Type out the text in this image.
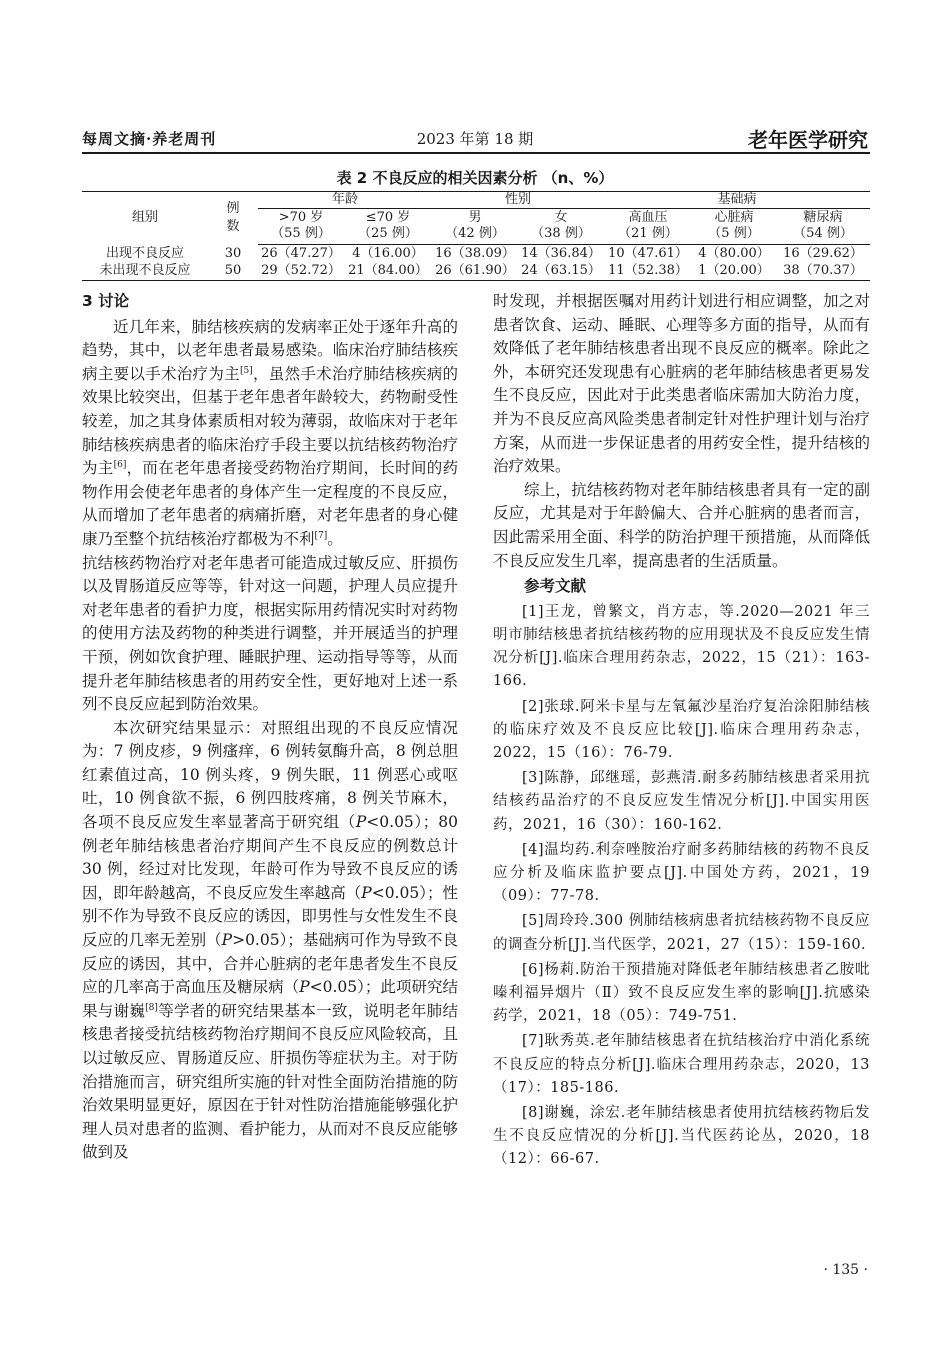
每周文摘·养老周刊	2023 年第 18 期	老年医学研究
表 2 不良反应的相关因素分析 （n、%）
组别	例数	年龄		性别		基础病		
		>70 岁	≤70 岁	男	女	高血压	心脏病	糖尿病
		（55 例）	（25 例）	（42 例）	（38 例）	（21 例）	（5 例）	（54 例）
出现不良反应	30	26（47.27）	4（16.00）	16（38.09）	14（36.84）	10（47.61）	4（80.00）	16（29.62）
未出现不良反应	50	29（52.72）	21（84.00）	26（61.90）	24（63.15）	11（52.38）	1（20.00）	38（70.37）
3 讨论

近几年来，肺结核疾病的发病率正处于逐年升高的趋势，其中，以老年患者最易感染。临床治疗肺结核疾病主要以手术治疗为主[5]，虽然手术治疗肺结核疾病的效果比较突出，但基于老年患者年龄较大，药物耐受性较差，加之其身体素质相对较为薄弱，故临床对于老年肺结核疾病患者的临床治疗手段主要以抗结核药物治疗为主[6]，而在老年患者接受药物治疗期间，长时间的药物作用会使老年患者的身体产生一定程度的不良反应，从而增加了老年患者的病痛折磨，对老年患者的身心健康乃至整个抗结核治疗都极为不利[7]。

抗结核药物治疗对老年患者可能造成过敏反应、肝损伤以及胃肠道反应等等，针对这一问题，护理人员应提升对老年患者的看护力度，根据实际用药情况实时对药物的使用方法及药物的种类进行调整，并开展适当的护理干预，例如饮食护理、睡眠护理、运动指导等等，从而提升老年肺结核患者的用药安全性，更好地对上述一系列不良反应起到防治效果。

本次研究结果显示：对照组出现的不良反应情况为：7 例皮疹，9 例瘙痒，6 例转氨酶升高，8 例总胆红素值过高，10 例头疼，9 例失眠，11 例恶心或呕吐，10 例食欲不振，6 例四肢疼痛，8 例关节麻木，各项不良反应发生率显著高于研究组（P<0.05）；80 例老年肺结核患者治疗期间产生不良反应的例数总计 30 例，经过对比发现，年龄可作为导致不良反应的诱因，即年龄越高，不良反应发生率越高（P<0.05）；性别不作为导致不良反应的诱因，即男性与女性发生不良反应的几率无差别（P>0.05）；基础病可作为导致不良反应的诱因，其中，合并心脏病的老年患者发生不良反应的几率高于高血压及糖尿病（P<0.05）；此项研究结果与谢巍[8]等学者的研究结果基本一致，说明老年肺结核患者接受抗结核药物治疗期间不良反应风险较高，且以过敏反应、胃肠道反应、肝损伤等症状为主。对于防治措施而言，研究组所实施的针对性全面防治措施的防治效果明显更好，原因在于针对性防治措施能够强化护理人员对患者的监测、看护能力，从而对不良反应能够做到及

时发现，并根据医嘱对用药计划进行相应调整，加之对患者饮食、运动、睡眠、心理等多方面的指导，从而有效降低了老年肺结核患者出现不良反应的概率。除此之外，本研究还发现患有心脏病的老年肺结核患者更易发生不良反应，因此对于此类患者临床需加大防治力度，并为不良反应高风险类患者制定针对性护理计划与治疗方案，从而进一步保证患者的用药安全性，提升结核的治疗效果。

综上，抗结核药物对老年肺结核患者具有一定的副反应，尤其是对于年龄偏大、合并心脏病的患者而言，因此需采用全面、科学的防治护理干预措施，从而降低不良反应发生几率，提高患者的生活质量。

参考文献

[1]王龙，曾繁文，肖方志，等.2020—2021 年三明市肺结核患者抗结核药物的应用现状及不良反应发生情况分析[J].临床合理用药杂志，2022，15（21）：163-166.

[2]张球.阿米卡星与左氧氟沙星治疗复治涂阳肺结核的临床疗效及不良反应比较[J].临床合理用药杂志，2022，15（16）：76-79.

[3]陈静，邱继瑶，彭燕清.耐多药肺结核患者采用抗结核药品治疗的不良反应发生情况分析[J].中国实用医药，2021，16（30）：160-162.

[4]温均药.利奈唑胺治疗耐多药肺结核的药物不良反应分析及临床监护要点[J].中国处方药，2021，19（09）：77-78.

[5]周玲玲.300 例肺结核病患者抗结核药物不良反应的调查分析[J].当代医学，2021，27（15）：159-160.

[6]杨莉.防治干预措施对降低老年肺结核患者乙胺吡嗪利福异烟片（Ⅱ）致不良反应发生率的影响[J].抗感染药学，2021，18（05）：749-751.

[7]耿秀英.老年肺结核患者在抗结核治疗中消化系统不良反应的特点分析[J].临床合理用药杂志，2020，13（17）：185-186.

[8]谢巍，涂宏.老年肺结核患者使用抗结核药物后发生不良反应情况的分析[J].当代医药论丛，2020，18（12）：66-67.

· 135 ·
